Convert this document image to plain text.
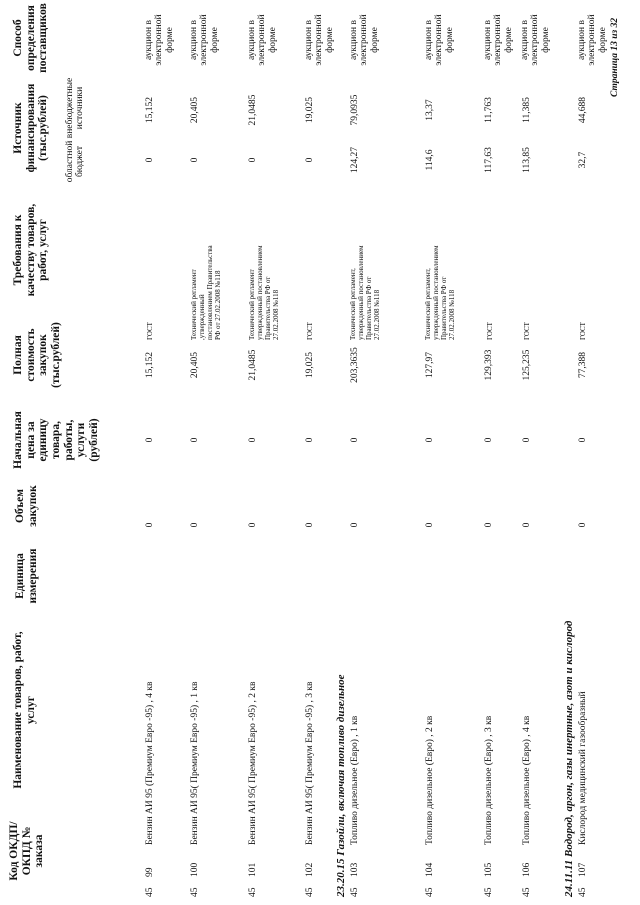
Код ОКДП/ ОКПД № заказа
Наименование товаров, работ, услуг
Единица измерения
Объем закупок
Начальная цена за единицу товара, работы, услуги (рублей)
Полная стоимость закупок (тыс.рублей)
Требования к качеству товаров, работ, услуг
Источник финансирования (тыс.рублей)
областной бюджет
внебюджетные источники
Способ определения поставщиков
45
99
Бензин АИ 95 (Премиум Евро -95) , 4 кв
0
0
15,152
ГОСТ
0
15,152
аукцион в электронной форме
45
100
Бензин АИ 95( Премиум Евро -95) , 1 кв
0
0
20,405
Технический регламент ,утвержденный постановлением Правительства РФ от 27.02.2008 №118
0
20,405
аукцион в электронной форме
45
101
Бензин АИ 95( Премиум Евро -95) , 2 кв
0
0
21,0485
Технический регламент утвержденный постановлением Правительства РФ от 27.02.2008 №118
0
21,0485
аукцион в электронной форме
45
102
Бензин АИ 95( Премиум Евро -95) , 3 кв
0
0
19,025
ГОСТ
0
19,025
аукцион в электронной форме
23.20.15 Газойли, включая топливо дизельное 45
103
Топливо дизельное (Евро) , 1 кв
0
0
203,3635
Технический регламент, утвержденный постановлением Правительства РФ от 27.02.2008 №118
124,27
79,0935
аукцион в электронной форме
45
104
Топливо дизельное (Евро) , 2 кв
0
0
127,97
Технический регламент, утвержденный постановлением Правительства РФ от 27.02.2008 №118
114,6
13,37
аукцион в электронной форме
45
105
Топливо дизельное (Евро) , 3 кв
0
0
129,393
ГОСТ
117,63
11,763
аукцион в электронной форме
45
106
Топливо дизельное (Евро) , 4 кв
0
0
125,235
ГОСТ
113,85
11,385
аукцион в электронной форме
24.11.11 Водород, аргон, газы инертные, азот и кислород 45
107
Кислород медицинский газообразный
0
0
77,388
ГОСТ
32,7
44,688
аукцион в электронной форме Страница 13 из 32
